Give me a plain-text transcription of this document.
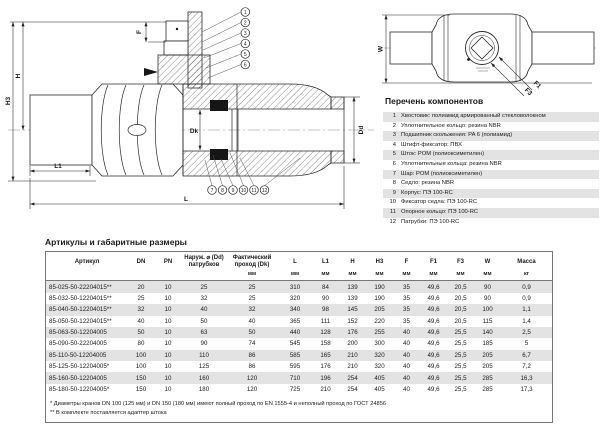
H3
H
F
Dk	Dd
L1
L
1
2
3
4
5
6
7 8 9 10 11 12
W
F3
F1
Перечень компонентов
1 Хвостовик: полиамид армированный стекловолокном
2 Уплотнительное кольцо: резина NBR
3 Подшипник скольжения: PA 6 (полиамид)
4 Штифт-фиксатор: ПВХ
5 Шток: POM (полиоксиметилен)
6 Уплотнительные кольца: резина NBR
7 Шар: POM (полиоксиметилен)
8 Седло: резина NBR
9 Корпус: ПЭ 100-RC
10 Фиксатор седла: ПЭ 100-RC
11 Опорное кольцо: ПЭ 100-RC
12 Патрубки: ПЭ 100-RC
Артикулы и габаритные размеры
Артикул	DN	PN	Наруж. ⌀ (Dd) патрубков	Фактический проход (Dk)	L	L1	H	H3	F	F1	F3	W	Масса
				мм	мм	мм	мм	мм	мм	мм	мм	мм	кг
85-025-50-22204015**	20	10	25	25	310	84	139	190	35	49,6	20,5	90	0,9
85-032-50-12204015**	25	10	32	25	320	90	139	190	35	49,6	20,5	90	0,9
85-040-50-12204015**	32	10	40	32	340	98	145	205	35	49,6	20,5	100	1,1
85-050-50-12204015**	40	10	50	40	365	111	152	220	35	49,6	20,5	115	1,4
85-063-50-12204005	50	10	63	50	440	128	176	255	40	49,6	25,5	140	2,5
85-090-50-22204005	80	10	90	74	545	158	200	300	40	49,6	25,5	185	5
85-110-50-12204005	100	10	110	86	585	165	210	320	40	49,6	25,5	205	6,7
85-125-50-12204005*	100	10	125	86	595	176	210	320	40	49,6	25,5	205	7,2
85-160-50-12204005	150	10	160	120	710	196	254	405	40	49,6	25,5	285	16,3
85-180-50-12204005*	150	10	180	120	725	210	254	405	40	49,6	25,5	285	17,3
* Диаметры кранов DN 100 (125 мм) и DN 150 (180 мм) имеют полный проход по EN 1555-4 и неполный проход по ГОСТ 24856
** В комплекте поставляется адаптер штока
